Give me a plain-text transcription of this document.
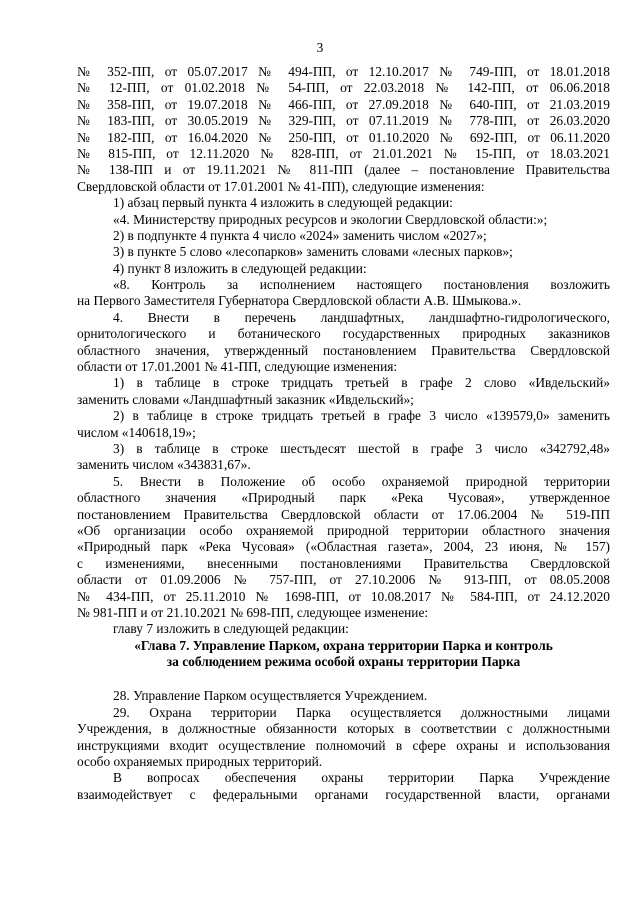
3
№ 352-ПП, от 05.07.2017 № 494-ПП, от 12.10.2017 № 749-ПП, от 18.01.2018
№ 12-ПП, от 01.02.2018 № 54-ПП, от 22.03.2018 № 142-ПП, от 06.06.2018
№ 358-ПП, от 19.07.2018 № 466-ПП, от 27.09.2018 № 640-ПП, от 21.03.2019
№ 183-ПП, от 30.05.2019 № 329-ПП, от 07.11.2019 № 778-ПП, от 26.03.2020
№ 182-ПП, от 16.04.2020 № 250-ПП, от 01.10.2020 № 692-ПП, от 06.11.2020
№ 815-ПП, от 12.11.2020 № 828-ПП, от 21.01.2021 № 15-ПП, от 18.03.2021
№ 138-ПП и от 19.11.2021 № 811-ПП (далее – постановление Правительства
Свердловской области от 17.01.2001 № 41-ПП), следующие изменения:
1) абзац первый пункта 4 изложить в следующей редакции:
«4. Министерству природных ресурсов и экологии Свердловской области:»;
2) в подпункте 4 пункта 4 число «2024» заменить числом «2027»;
3) в пункте 5 слово «лесопарков» заменить словами «лесных парков»;
4) пункт 8 изложить в следующей редакции:
«8. Контроль за исполнением настоящего постановления возложить
на Первого Заместителя Губернатора Свердловской области А.В. Шмыкова.».
4. Внести в перечень ландшафтных, ландшафтно-гидрологического,
орнитологического и ботанического государственных природных заказников
областного значения, утвержденный постановлением Правительства Свердловской
области от 17.01.2001 № 41-ПП, следующие изменения:
1) в таблице в строке тридцать третьей в графе 2 слово «Ивдельский»
заменить словами «Ландшафтный заказник «Ивдельский»;
2) в таблице в строке тридцать третьей в графе 3 число «139579,0» заменить
числом «140618,19»;
3) в таблице в строке шестьдесят шестой в графе 3 число «342792,48»
заменить числом «343831,67».
5. Внести в Положение об особо охраняемой природной территории
областного значения «Природный парк «Река Чусовая», утвержденное
постановлением Правительства Свердловской области от 17.06.2004 № 519-ПП
«Об организации особо охраняемой природной территории областного значения
«Природный парк «Река Чусовая» («Областная газета», 2004, 23 июня, № 157)
с изменениями, внесенными постановлениями Правительства Свердловской
области от 01.09.2006 № 757-ПП, от 27.10.2006 № 913-ПП, от 08.05.2008
№ 434-ПП, от 25.11.2010 № 1698-ПП, от 10.08.2017 № 584-ПП, от 24.12.2020
№ 981-ПП и от 21.10.2021 № 698-ПП, следующее изменение:
главу 7 изложить в следующей редакции:
«Глава 7. Управление Парком, охрана территории Парка и контроль
за соблюдением режима особой охраны территории Парка
28. Управление Парком осуществляется Учреждением.
29. Охрана территории Парка осуществляется должностными лицами
Учреждения, в должностные обязанности которых в соответствии с должностными
инструкциями входит осуществление полномочий в сфере охраны и использования
особо охраняемых природных территорий.
В вопросах обеспечения охраны территории Парка Учреждение
взаимодействует с федеральными органами государственной власти, органами
